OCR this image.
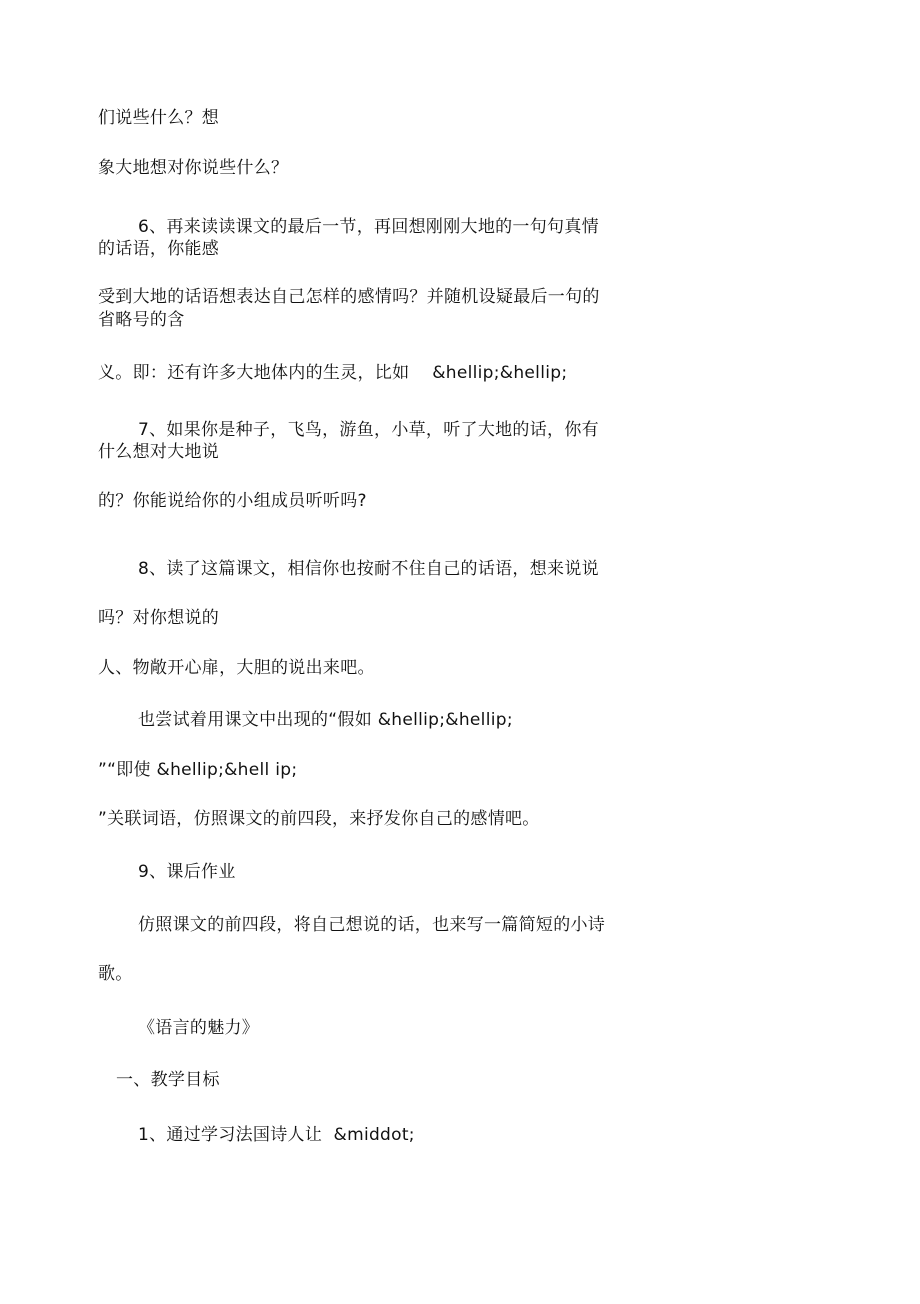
们说些什么？想
象大地想对你说些什么？
6、再来读读课文的最后一节，再回想刚刚大地的一句句真情
的话语，你能感
受到大地的话语想表达自己怎样的感情吗？并随机设疑最后一句的
省略号的含
义。即：还有许多大地体内的生灵，比如    &hellip;&hellip;
7、如果你是种子，飞鸟，游鱼，小草，听了大地的话，你有
什么想对大地说
的？你能说给你的小组成员听听吗?
8、读了这篇课文，相信你也按耐不住自己的话语，想来说说
吗？对你想说的
人、物敞开心扉，大胆的说出来吧。
也尝试着用课文中出现的“假如 &hellip;&hellip;
”“即使 &hellip;&hell ip;
”关联词语，仿照课文的前四段，来抒发你自己的感情吧。
9、课后作业
仿照课文的前四段，将自己想说的话，也来写一篇简短的小诗
歌。
《语言的魅力》
一、教学目标
1、通过学习法国诗人让  &middot;
